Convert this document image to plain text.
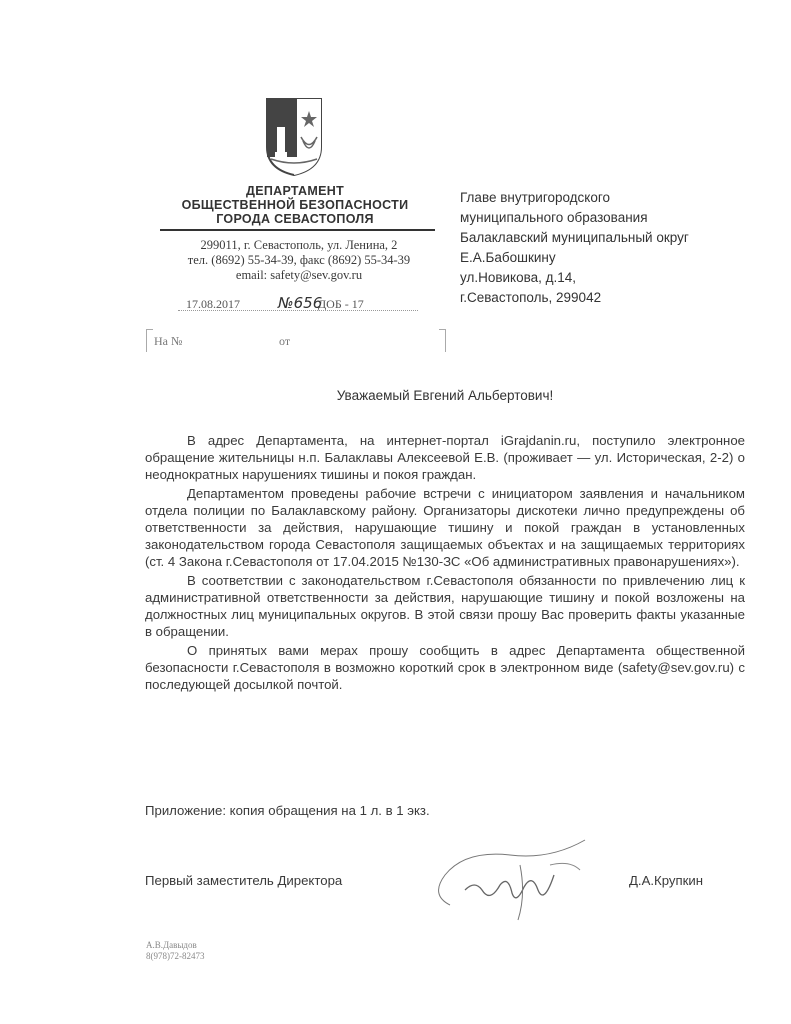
ДЕПАРТАМЕНТ
ОБЩЕСТВЕННОЙ БЕЗОПАСНОСТИ
ГОРОДА СЕВАСТОПОЛЯ
299011, г. Севастополь, ул. Ленина, 2
тел. (8692) 55-34-39, факс (8692) 55-34-39
email: safety@sev.gov.ru
17.08.2017	№656
ДОБ - 17
На №	от
Главе внутригородского
муниципального образования
Балаклавский муниципальный округ
Е.А.Бабошкину
ул.Новикова, д.14,
г.Севастополь, 299042
Уважаемый Евгений Альбертович!

В адрес Департамента, на интернет-портал iGrajdanin.ru, поступило электронное обращение жительницы н.п. Балаклавы Алексеевой Е.В. (проживает — ул. Историческая, 2-2) о неоднократных нарушениях тишины и покоя граждан.

Департаментом проведены рабочие встречи с инициатором заявления и начальником отдела полиции по Балаклавскому району. Организаторы дискотеки лично предупреждены об ответственности за действия, нарушающие тишину и покой граждан в установленных законодательством города Севастополя защищаемых объектах и на защищаемых территориях (ст. 4 Закона г.Севастополя от 17.04.2015 №130-ЗС «Об административных правонарушениях»).

В соответствии с законодательством г.Севастополя обязанности по привлечению лиц к административной ответственности за действия, нарушающие тишину и покой возложены на должностных лиц муниципальных округов. В этой связи прошу Вас проверить факты указанные в обращении.

О принятых вами мерах прошу сообщить в адрес Департамента общественной безопасности г.Севастополя в возможно короткий срок в электронном виде (safety@sev.gov.ru) с последующей досылкой почтой.

Приложение: копия обращения на 1 л. в 1 экз.
Первый заместитель Директора	Д.А.Крупкин
А.В.Давыдов
8(978)72-82473
